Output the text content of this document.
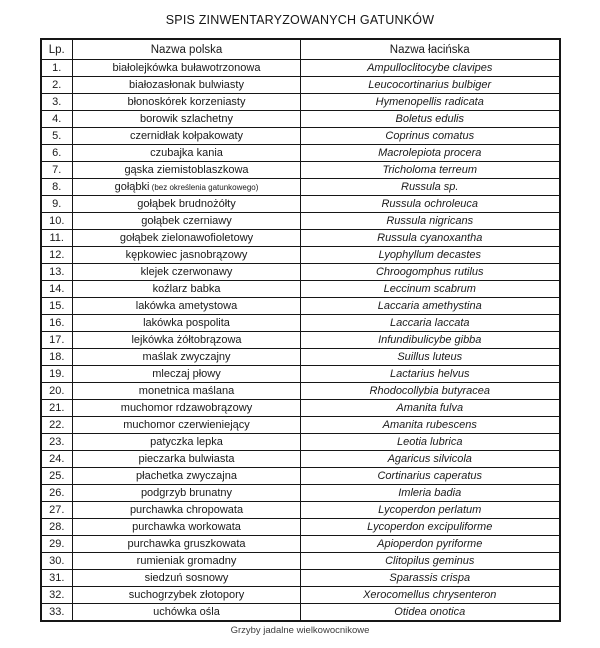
SPIS ZINWENTARYZOWANYCH GATUNKÓW
Lp.	Nazwa polska	Nazwa łacińska
1.	białolejkówka buławotrzonowa	Ampulloclitocybe clavipes
2.	białozasłonak bulwiasty	Leucocortinarius bulbiger
3.	błonoskórek korzeniasty	Hymenopellis radicata
4.	borowik szlachetny	Boletus edulis
5.	czernidłak kołpakowaty	Coprinus comatus
6.	czubajka kania	Macrolepiota procera
7.	gąska ziemistoblaszkowa	Tricholoma terreum
8.	gołąbki (bez określenia gatunkowego)	Russula sp.
9.	gołąbek brudnożółty	Russula ochroleuca
10.	gołąbek czerniawy	Russula nigricans
11.	gołąbek zielonawofioletowy	Russula cyanoxantha
12.	kępkowiec jasnobrązowy	Lyophyllum decastes
13.	klejek czerwonawy	Chroogomphus rutilus
14.	koźlarz babka	Leccinum scabrum
15.	lakówka ametystowa	Laccaria amethystina
16.	lakówka pospolita	Laccaria laccata
17.	lejkówka żółtobrązowa	Infundibulicybe gibba
18.	maślak zwyczajny	Suillus luteus
19.	mleczaj płowy	Lactarius helvus
20.	monetnica maślana	Rhodocollybia butyracea
21.	muchomor rdzawobrązowy	Amanita fulva
22.	muchomor czerwieniejący	Amanita rubescens
23.	patyczka lepka	Leotia lubrica
24.	pieczarka bulwiasta	Agaricus silvicola
25.	płachetka zwyczajna	Cortinarius caperatus
26.	podgrzyb brunatny	Imleria badia
27.	purchawka chropowata	Lycoperdon perlatum
28.	purchawka workowata	Lycoperdon excipuliforme
29.	purchawka gruszkowata	Apioperdon pyriforme
30.	rumieniak gromadny	Clitopilus geminus
31.	siedzuń sosnowy	Sparassis crispa
32.	suchogrzybek złotopory	Xerocomellus chrysenteron
33.	uchówka ośla	Otidea onotica
Grzyby jadalne wielkowocnikowe
